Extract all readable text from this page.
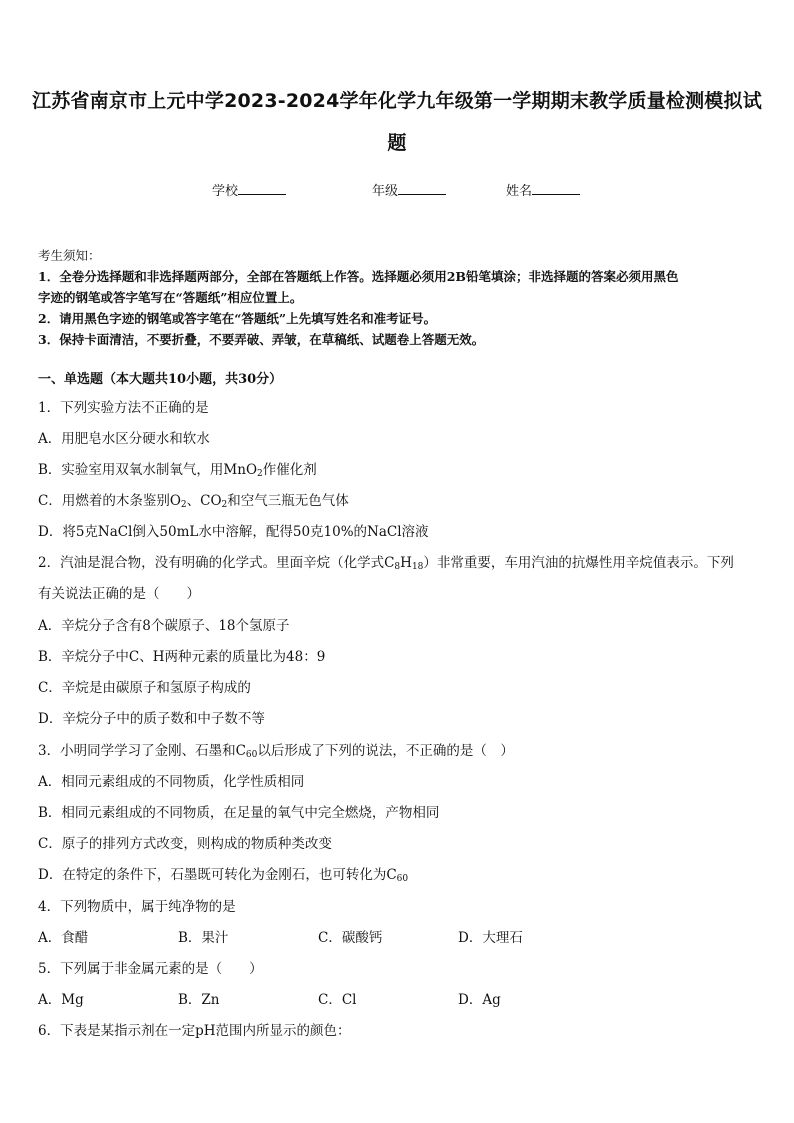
江苏省南京市上元中学2023-2024学年化学九年级第一学期期末教学质量检测模拟试
题
学校	年级	姓名
考生须知：
1．全卷分选择题和非选择题两部分，全部在答题纸上作答。选择题必须用2B铅笔填涂；非选择题的答案必须用黑色
字迹的钢笔或答字笔写在“答题纸”相应位置上。
2．请用黑色字迹的钢笔或答字笔在“答题纸”上先填写姓名和准考证号。
3．保持卡面清洁，不要折叠，不要弄破、弄皱，在草稿纸、试题卷上答题无效。
一、单选题（本大题共10小题，共30分）
1．下列实验方法不正确的是
A．用肥皂水区分硬水和软水
B．实验室用双氧水制氧气，用MnO$_2$作催化剂
C．用燃着的木条鉴别$O_2$、$CO_2$和空气三瓶无色气体
D．将5克NaCl倒入50mL水中溶解，配得50克10%的NaCl溶液
2．汽油是混合物，没有明确的化学式。里面辛烷（化学式$C_8H_{18}$）非常重要，车用汽油的抗爆性用辛烷值表示。下列
有关说法正确的是（　　）
A．辛烷分子含有8个碳原子、18个氢原子
B．辛烷分子中C、H两种元素的质量比为48：9
C．辛烷是由碳原子和氢原子构成的
D．辛烷分子中的质子数和中子数不等
3．小明同学学习了金刚、石墨和$C_{60}$以后形成了下列的说法，不正确的是（　）
A．相同元素组成的不同物质，化学性质相同
B．相同元素组成的不同物质，在足量的氧气中完全燃烧，产物相同
C．原子的排列方式改变，则构成的物质种类改变
D．在特定的条件下，石墨既可转化为金刚石，也可转化为$C_{60}$
4．下列物质中，属于纯净物的是
A．食醋	B．果汁	C．碳酸钙	D．大理石
5．下列属于非金属元素的是（　　）
A．Mg	B．Zn	C．Cl	D．Ag
6．下表是某指示剂在一定pH范围内所显示的颜色：
